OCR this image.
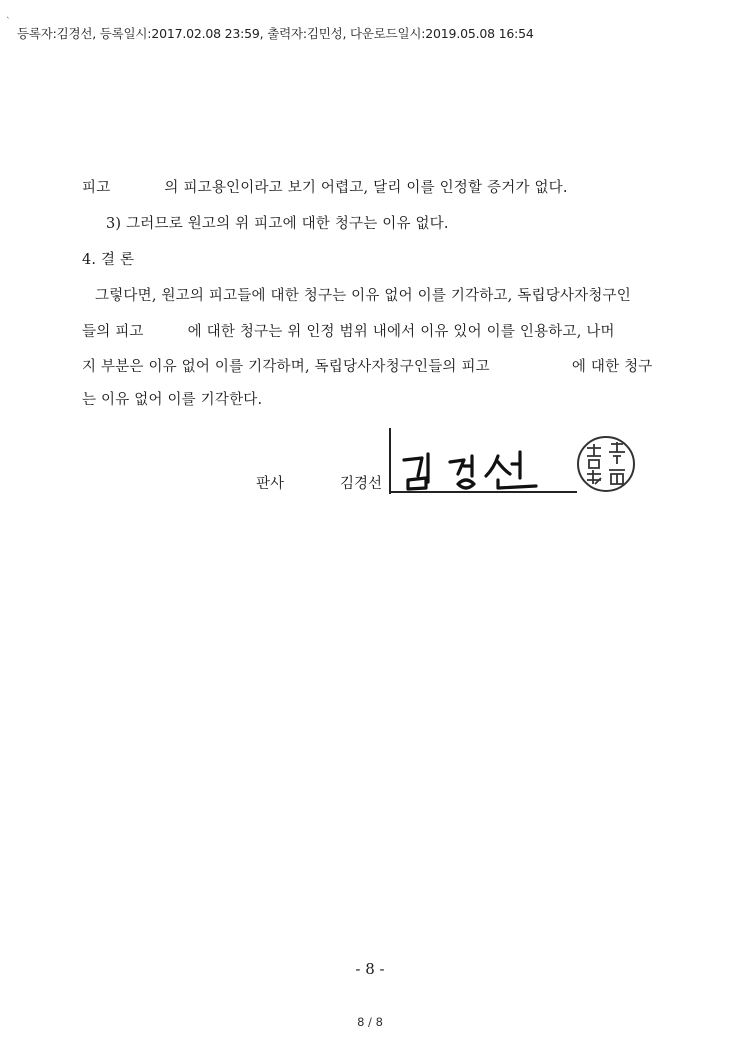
`
등록자:김경선, 등록일시:2017.02.08 23:59, 출력자:김민성, 다운로드일시:2019.05.08 16:54
피고	의 피고용인이라고 보기 어렵고, 달리 이를 인정할 증거가 없다.
3) 그러므로 원고의 위 피고에 대한 청구는 이유 없다.
4. 결 론
그렇다면, 원고의 피고들에 대한 청구는 이유 없어 이를 기각하고, 독립당사자청구인
들의 피고	에 대한 청구는 위 인정 범위 내에서 이유 있어 이를 인용하고, 나머
지 부분은 이유 없어 이를 기각하며, 독립당사자청구인들의 피고	에 대한 청구
는 이유 없어 이를 기각한다.
판사	김경선
- 8 -
8 / 8
